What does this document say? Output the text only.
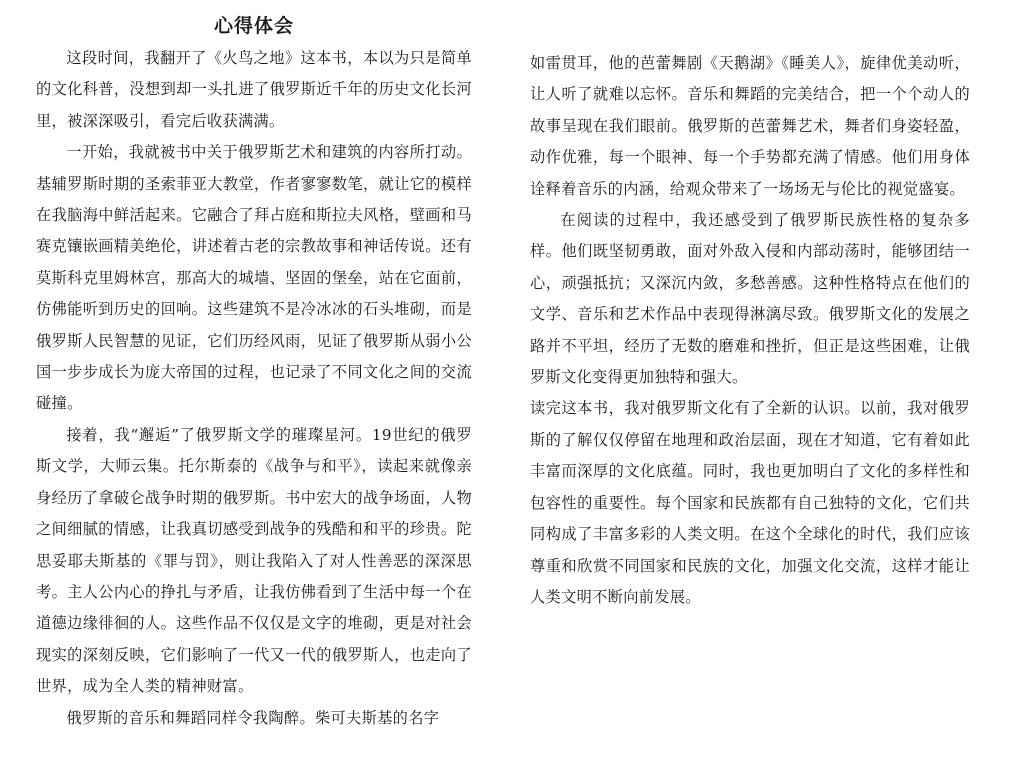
心得体会

这段时间，我翻开了《火鸟之地》这本书，本以为只是简单的文化科普，没想到却一头扎进了俄罗斯近千年的历史文化长河里，被深深吸引，看完后收获满满。

一开始，我就被书中关于俄罗斯艺术和建筑的内容所打动。基辅罗斯时期的圣索菲亚大教堂，作者寥寥数笔，就让它的模样在我脑海中鲜活起来。它融合了拜占庭和斯拉夫风格，壁画和马赛克镶嵌画精美绝伦，讲述着古老的宗教故事和神话传说。还有莫斯科克里姆林宫，那高大的城墙、坚固的堡垒，站在它面前，仿佛能听到历史的回响。这些建筑不是冷冰冰的石头堆砌，而是俄罗斯人民智慧的见证，它们历经风雨，见证了俄罗斯从弱小公国一步步成长为庞大帝国的过程，也记录了不同文化之间的交流碰撞。

接着，我“邂逅”了俄罗斯文学的璀璨星河。19世纪的俄罗斯文学，大师云集。托尔斯泰的《战争与和平》，读起来就像亲身经历了拿破仑战争时期的俄罗斯。书中宏大的战争场面，人物之间细腻的情感，让我真切感受到战争的残酷和和平的珍贵。陀思妥耶夫斯基的《罪与罚》，则让我陷入了对人性善恶的深深思考。主人公内心的挣扎与矛盾，让我仿佛看到了生活中每一个在道德边缘徘徊的人。这些作品不仅仅是文字的堆砌，更是对社会现实的深刻反映，它们影响了一代又一代的俄罗斯人，也走向了世界，成为全人类的精神财富。

俄罗斯的音乐和舞蹈同样令我陶醉。柴可夫斯基的名字

如雷贯耳，他的芭蕾舞剧《天鹅湖》《睡美人》，旋律优美动听，让人听了就难以忘怀。音乐和舞蹈的完美结合，把一个个动人的故事呈现在我们眼前。俄罗斯的芭蕾舞艺术，舞者们身姿轻盈，动作优雅，每一个眼神、每一个手势都充满了情感。他们用身体诠释着音乐的内涵，给观众带来了一场场无与伦比的视觉盛宴。

在阅读的过程中，我还感受到了俄罗斯民族性格的复杂多样。他们既坚韧勇敢，面对外敌入侵和内部动荡时，能够团结一心，顽强抵抗；又深沉内敛，多愁善感。这种性格特点在他们的文学、音乐和艺术作品中表现得淋漓尽致。俄罗斯文化的发展之路并不平坦，经历了无数的磨难和挫折，但正是这些困难，让俄罗斯文化变得更加独特和强大。

读完这本书，我对俄罗斯文化有了全新的认识。以前，我对俄罗斯的了解仅仅停留在地理和政治层面，现在才知道，它有着如此丰富而深厚的文化底蕴。同时，我也更加明白了文化的多样性和包容性的重要性。每个国家和民族都有自己独特的文化，它们共同构成了丰富多彩的人类文明。在这个全球化的时代，我们应该尊重和欣赏不同国家和民族的文化，加强文化交流，这样才能让人类文明不断向前发展。
